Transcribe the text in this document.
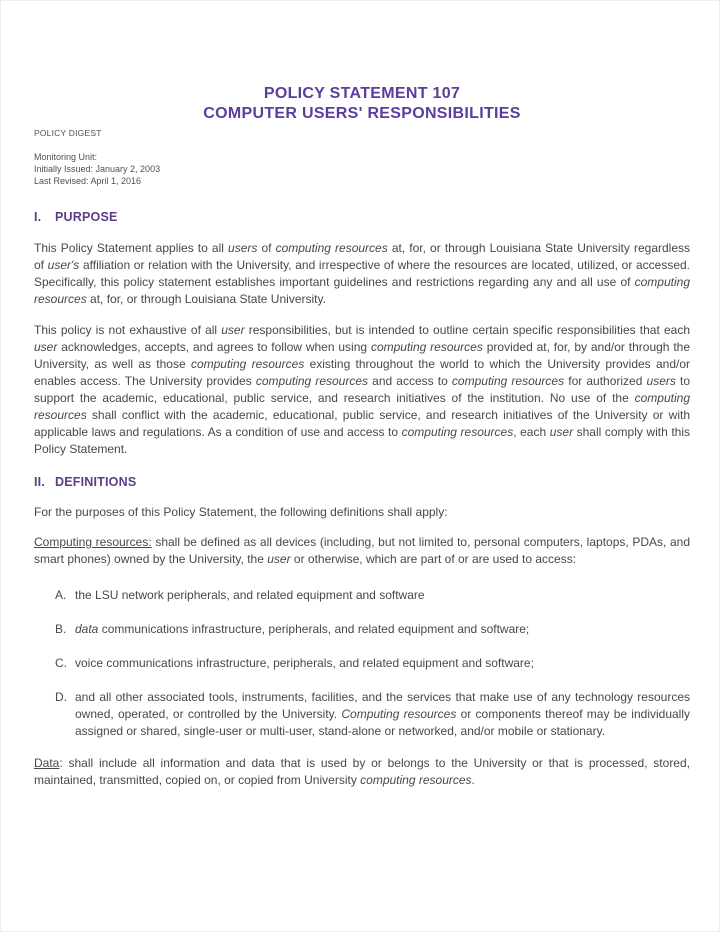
POLICY STATEMENT 107
COMPUTER USERS' RESPONSIBILITIES
POLICY DIGEST
Monitoring Unit:
Initially Issued: January 2, 2003
Last Revised: April 1, 2016
I. PURPOSE

This Policy Statement applies to all users of computing resources at, for, or through Louisiana State University regardless of user's affiliation or relation with the University, and irrespective of where the resources are located, utilized, or accessed. Specifically, this policy statement establishes important guidelines and restrictions regarding any and all use of computing resources at, for, or through Louisiana State University.

This policy is not exhaustive of all user responsibilities, but is intended to outline certain specific responsibilities that each user acknowledges, accepts, and agrees to follow when using computing resources provided at, for, by and/or through the University, as well as those computing resources existing throughout the world to which the University provides and/or enables access. The University provides computing resources and access to computing resources for authorized users to support the academic, educational, public service, and research initiatives of the institution. No use of the computing resources shall conflict with the academic, educational, public service, and research initiatives of the University or with applicable laws and regulations. As a condition of use and access to computing resources, each user shall comply with this Policy Statement.

II. DEFINITIONS

For the purposes of this Policy Statement, the following definitions shall apply:

Computing resources: shall be defined as all devices (including, but not limited to, personal computers, laptops, PDAs, and smart phones) owned by the University, the user or otherwise, which are part of or are used to access:

A. the LSU network peripherals, and related equipment and software

B. data communications infrastructure, peripherals, and related equipment and software;

C. voice communications infrastructure, peripherals, and related equipment and software;

D. and all other associated tools, instruments, facilities, and the services that make use of any technology resources owned, operated, or controlled by the University. Computing resources or components thereof may be individually assigned or shared, single-user or multi-user, stand-alone or networked, and/or mobile or stationary.

Data: shall include all information and data that is used by or belongs to the University or that is processed, stored, maintained, transmitted, copied on, or copied from University computing resources.
